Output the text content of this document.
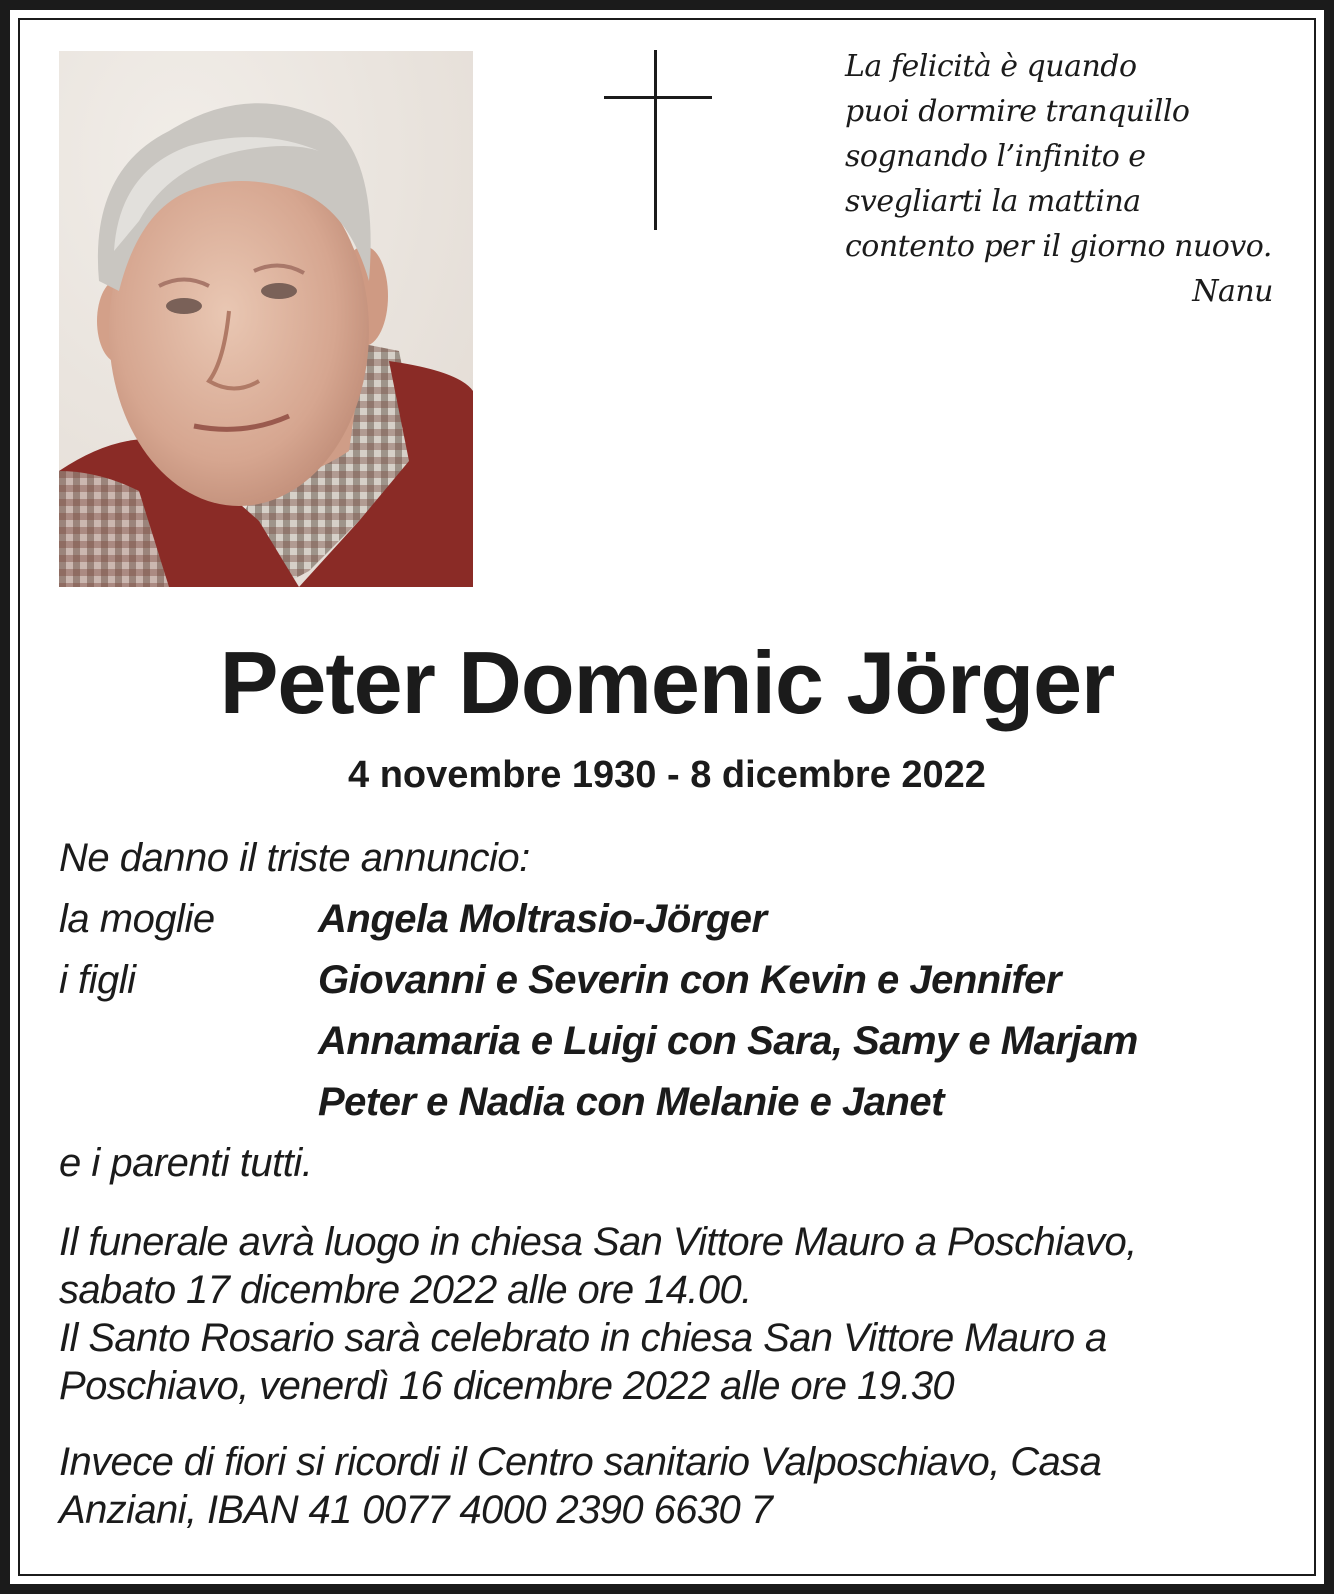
La felicità è quando
puoi dormire tranquillo
sognando l’infinito e
svegliarti la mattina
contento per il giorno nuovo.
Nanu
Peter Domenic Jörger
4 novembre 1930 - 8 dicembre 2022
Ne danno il triste annuncio:
la moglie	Angela Moltrasio-Jörger
i figli	Giovanni e Severin con Kevin e Jennifer
Annamaria e Luigi con Sara, Samy e Marjam
Peter e Nadia con Melanie e Janet
e i parenti tutti.
Il funerale avrà luogo in chiesa San Vittore Mauro a Poschiavo,
sabato 17 dicembre 2022 alle ore 14.00.
Il Santo Rosario sarà celebrato in chiesa San Vittore Mauro a
Poschiavo, venerdì 16 dicembre 2022 alle ore 19.30
Invece di fiori si ricordi il Centro sanitario Valposchiavo, Casa
Anziani, IBAN 41 0077 4000 2390 6630 7
